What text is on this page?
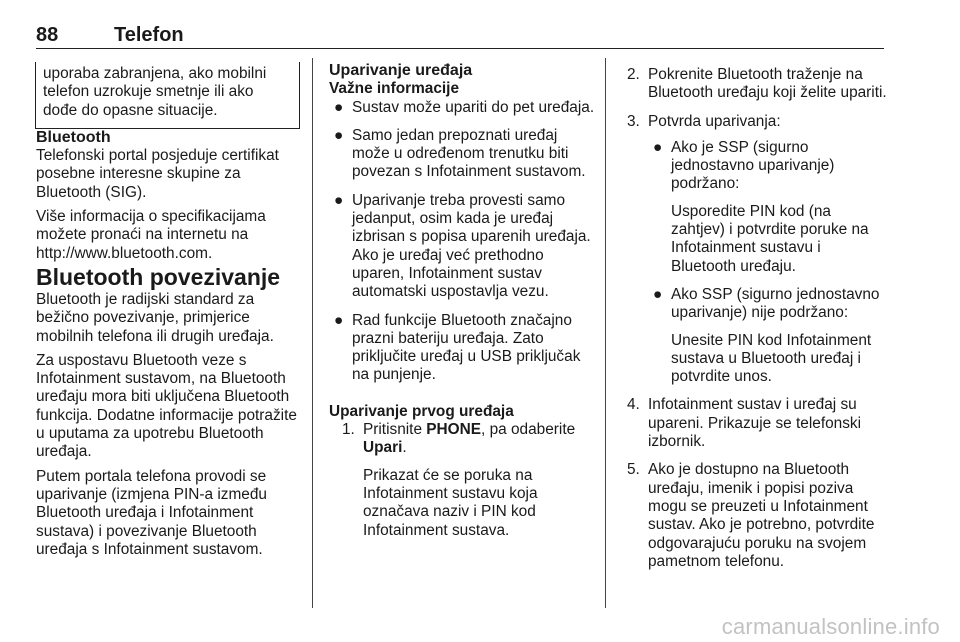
88	Telefon

uporaba zabranjena, ako mobilni telefon uzrokuje smetnje ili ako dođe do opasne situacije.

Bluetooth

Telefonski portal posjeduje certifikat posebne interesne skupine za Bluetooth (SIG).

Više informacija o specifikacijama možete pronaći na internetu na http://www.bluetooth.com.

Bluetooth povezivanje

Bluetooth je radijski standard za bežično povezivanje, primjerice mobilnih telefona ili drugih uređaja.

Za uspostavu Bluetooth veze s Infotainment sustavom, na Bluetooth uređaju mora biti uključena Bluetooth funkcija. Dodatne informacije potražite u uputama za upotrebu Bluetooth uređaja.

Putem portala telefona provodi se uparivanje (izmjena PIN-a između Bluetooth uređaja i Infotainment sustava) i povezivanje Bluetooth uređaja s Infotainment sustavom.

Uparivanje uređaja

Važne informacije

● Sustav može upariti do pet uređaja.
● Samo jedan prepoznati uređaj može u određenom trenutku biti povezan s Infotainment sustavom.
● Uparivanje treba provesti samo jedanput, osim kada je uređaj izbrisan s popisa uparenih uređaja. Ako je uređaj već prethodno uparen, Infotainment sustav automatski uspostavlja vezu.
● Rad funkcije Bluetooth značajno prazni bateriju uređaja. Zato priključite uređaj u USB priključak na punjenje.

Uparivanje prvog uređaja

1. Pritisnite PHONE, pa odaberite Upari.

Prikazat će se poruka na Infotainment sustavu koja označava naziv i PIN kod Infotainment sustava.

2. Pokrenite Bluetooth traženje na Bluetooth uređaju koji želite upariti.
3. Potvrda uparivanja:
● Ako je SSP (sigurno jednostavno uparivanje) podržano:

Usporedite PIN kod (na zahtjev) i potvrdite poruke na Infotainment sustavu i Bluetooth uređaju.

● Ako SSP (sigurno jednostavno uparivanje) nije podržano:

Unesite PIN kod Infotainment sustava u Bluetooth uređaj i potvrdite unos.

4. Infotainment sustav i uređaj su upareni. Prikazuje se telefonski izbornik.
5. Ako je dostupno na Bluetooth uređaju, imenik i popisi poziva mogu se preuzeti u Infotainment sustav. Ako je potrebno, potvrdite odgovarajuću poruku na svojem pametnom telefonu.
carmanualsonline.info
